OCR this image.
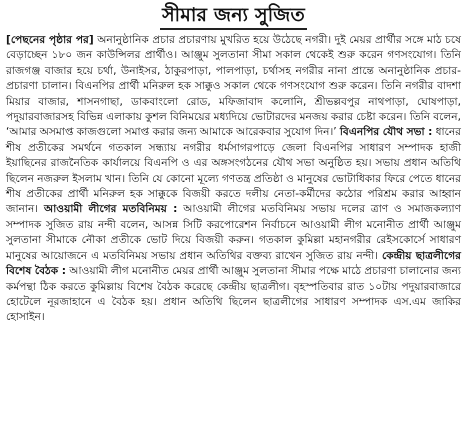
সীমার জন্য সুজিত
[পেছনের পৃষ্ঠার পর] অনানুষ্ঠানিক প্রচার প্রচারণায় মুখরিত হয়ে উঠেছে নগরী। দুই মেয়র প্রার্থীর সঙ্গে মাঠ চষে বেড়াচ্ছেন ১৮০ জন কাউন্সিলর প্রার্থীও। আঞ্জুম সুলতানা সীমা সকাল থেকেই শুরু করেন গণসংযোগ। তিনি রাজগঞ্জ বাজার হয়ে চর্থা, উনাইসর, ঠাকুরপাড়া, পালপাড়া, চর্থাসহ নগরীর নানা প্রান্তে অনানুষ্ঠানিক প্রচার-প্রচারণা চালান। বিএনপির প্রার্থী মনিরুল হক সাক্কুও সকাল থেকে গণসংযোগ শুরু করেন। তিনি নগরীর বাদশা মিয়ার বাজার, শাসনগাছা, ডাকবাংলো রোড, মফিজাবাদ কলোনি, শ্রীভল্লবপুর নাথপাড়া, ঘোষপাড়া, পদুয়ারবাজারসহ বিভিন্ন এলাকায় কুশল বিনিময়ের মধ্যদিয়ে ভোটারদের মনজয় করার চেষ্টা করেন। তিনি বলেন, ‘আমার অসমাপ্ত কাজগুলো সমাপ্ত করার জন্য আমাকে আরেকবার সুযোগ দিন।’ বিএনপির যৌথ সভা : ধানের শীষ প্রতীকের সমর্থনে গতকাল সন্ধ্যায় নগরীর ধর্মসাগরপাড়ে জেলা বিএনপির সাধারণ সম্পাদক হাজী ইয়াছিনের রাজনৈতিক কার্যালয়ে বিএনপি ও এর অঙ্গসংগঠনের যৌথ সভা অনুষ্ঠিত হয়। সভায় প্রধান অতিথি ছিলেন নজরুল ইসলাম খান। তিনি যে কোনো মূল্যে গণতন্ত্র প্রতিষ্ঠা ও মানুষের ভোটাধিকার ফিরে পেতে ধানের শীষ প্রতীকের প্রার্থী মনিরুল হক সাক্কুকে বিজয়ী করতে দলীয় নেতা-কর্মীদের কঠোর পরিশ্রম করার আহ্বান জানান। আওয়ামী লীগের মতবিনিময় : আওয়ামী লীগের মতবিনিময় সভায় দলের ত্রাণ ও সমাজকল্যাণ সম্পাদক সুজিত রায় নন্দী বলেন, আসন্ন সিটি করপোরেশন নির্বাচনে আওয়ামী লীগ মনোনীত প্রার্থী আঞ্জুম সুলতানা সীমাকে নৌকা প্রতীকে ভোট দিয়ে বিজয়ী করুন। গতকাল কুমিল্লা মহানগরীর রেইসকোর্সে সাধারণ মানুষের আয়োজনে এ মতবিনিময় সভায় প্রধান অতিথির বক্তব্য রাখেন সুজিত রায় নন্দী। কেন্দ্রীয় ছাত্রলীগের বিশেষ বৈঠক : আওয়ামী লীগ মনোনীত মেয়র প্রার্থী আঞ্জুম সুলতানা সীমার পক্ষে মাঠে প্রচারণা চালানোর জন্য কর্মপন্থা ঠিক করতে কুমিল্লায় বিশেষ বৈঠক করেছে কেন্দ্রীয় ছাত্রলীগ। বৃহস্পতিবার রাত ১০টায় পদুয়ারবাজারে হোটেলে নূরজাহানে এ বৈঠক হয়। প্রধান অতিথি ছিলেন ছাত্রলীগের সাধারণ সম্পাদক এস.এম জাকির হোসাইন।
